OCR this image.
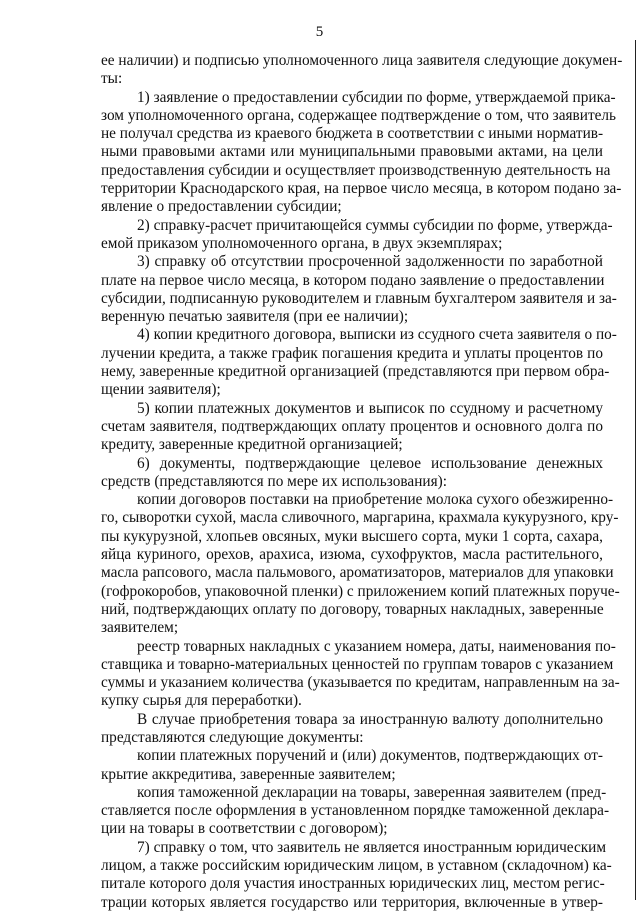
5
ее наличии) и подписью уполномоченного лица заявителя следующие докумен-
ты:
1) заявление о предоставлении субсидии по форме, утверждаемой прика-
зом уполномоченного органа, содержащее подтверждение о том, что заявитель
не получал средства из краевого бюджета в соответствии с иными норматив-
ными правовыми актами или муниципальными правовыми актами, на цели
предоставления субсидии и осуществляет производственную деятельность на
территории Краснодарского края, на первое число месяца, в котором подано за-
явление о предоставлении субсидии;
2) справку-расчет причитающейся суммы субсидии по форме, утвержда-
емой приказом уполномоченного органа, в двух экземплярах;
3) справку об отсутствии просроченной задолженности по заработной
плате на первое число месяца, в котором подано заявление о предоставлении
субсидии, подписанную руководителем и главным бухгалтером заявителя и за-
веренную печатью заявителя (при ее наличии);
4) копии кредитного договора, выписки из ссудного счета заявителя о по-
лучении кредита, а также график погашения кредита и уплаты процентов по
нему, заверенные кредитной организацией (представляются при первом обра-
щении заявителя);
5) копии платежных документов и выписок по ссудному и расчетному
счетам заявителя, подтверждающих оплату процентов и основного долга по
кредиту, заверенные кредитной организацией;
6) документы, подтверждающие целевое использование денежных
средств (представляются по мере их использования):
копии договоров поставки на приобретение молока сухого обезжиренно-
го, сыворотки сухой, масла сливочного, маргарина, крахмала кукурузного, кру-
пы кукурузной, хлопьев овсяных, муки высшего сорта, муки 1 сорта, сахара,
яйца куриного, орехов, арахиса, изюма, сухофруктов, масла растительного,
масла рапсового, масла пальмового, ароматизаторов, материалов для упаковки
(гофрокоробов, упаковочной пленки) с приложением копий платежных поруче-
ний, подтверждающих оплату по договору, товарных накладных, заверенные
заявителем;
реестр товарных накладных с указанием номера, даты, наименования по-
ставщика и товарно-материальных ценностей по группам товаров с указанием
суммы и указанием количества (указывается по кредитам, направленным на за-
купку сырья для переработки).
В случае приобретения товара за иностранную валюту дополнительно
представляются следующие документы:
копии платежных поручений и (или) документов, подтверждающих от-
крытие аккредитива, заверенные заявителем;
копия таможенной декларации на товары, заверенная заявителем (пред-
ставляется после оформления в установленном порядке таможенной деклара-
ции на товары в соответствии с договором);
7) справку о том, что заявитель не является иностранным юридическим
лицом, а также российским юридическим лицом, в уставном (складочном) ка-
питале которого доля участия иностранных юридических лиц, местом регис-
трации которых является государство или территория, включенные в утвер-
